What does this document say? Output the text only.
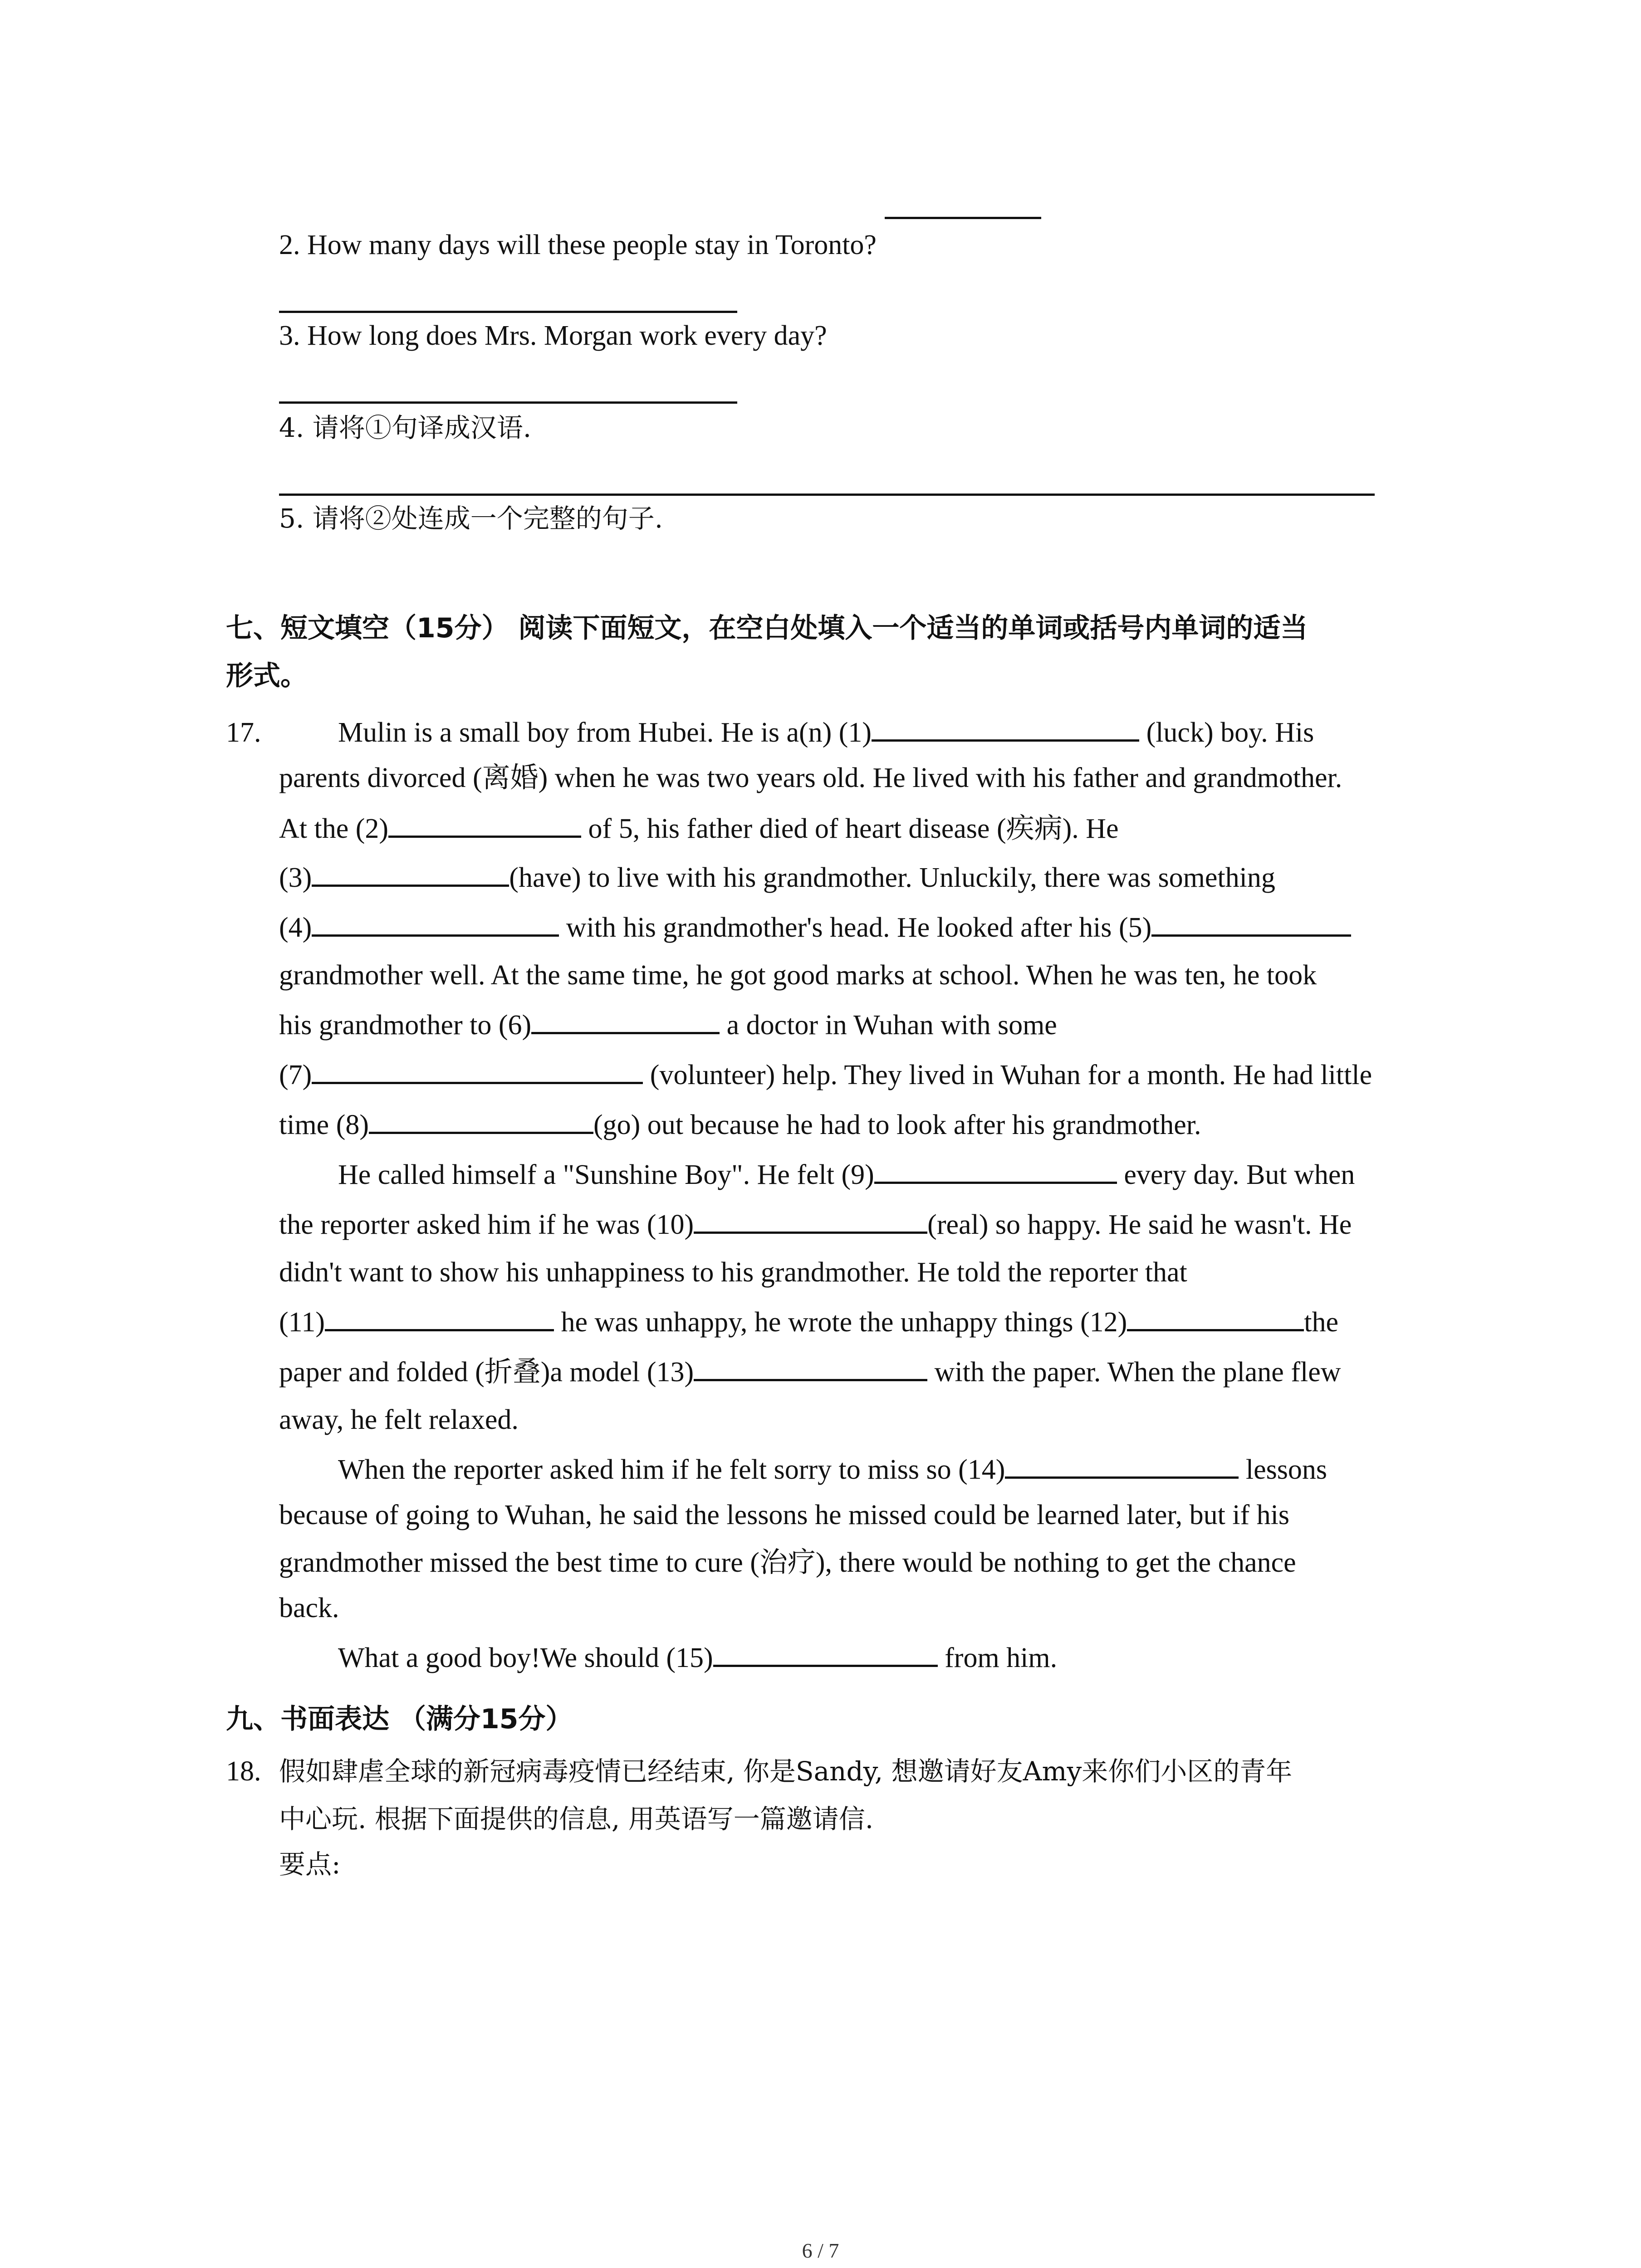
2. How many days will these people stay in Toronto?
3. How long does Mrs. Morgan work every day?
4. 请将①句译成汉语.
5. 请将②处连成一个完整的句子.
七、短文填空（15分） 阅读下面短文，在空白处填入一个适当的单词或括号内单词的适当
形式。
17.	Mulin is a small boy from Hubei. He is a(n) (1)	(luck) boy. His
parents divorced (离婚) when he was two years old. He lived with his father and grandmother.
At the (2)	of 5, his father died of heart disease (疾病). He
(3)	(have) to live with his grandmother. Unluckily, there was something
(4)	with his grandmother's head. He looked after his (5)
grandmother well. At the same time, he got good marks at school. When he was ten, he took
his grandmother to (6)	a doctor in Wuhan with some
(7)	(volunteer) help. They lived in Wuhan for a month. He had little
time (8)	(go) out because he had to look after his grandmother.
He called himself a "Sunshine Boy". He felt (9)	every day. But when
the reporter asked him if he was (10)	(real) so happy. He said he wasn't. He
didn't want to show his unhappiness to his grandmother. He told the reporter that
(11)	he was unhappy, he wrote the unhappy things (12)	the
paper and folded (折叠)a model (13)	with the paper. When the plane flew
away, he felt relaxed.
When the reporter asked him if he felt sorry to miss so (14)	lessons
because of going to Wuhan, he said the lessons he missed could be learned later, but if his
grandmother missed the best time to cure (治疗), there would be nothing to get the chance
back.
What a good boy!We should (15)	from him.
九、书面表达 （满分15分）
18. 假如肆虐全球的新冠病毒疫情已经结束, 你是Sandy, 想邀请好友Amy来你们小区的青年
中心玩. 根据下面提供的信息, 用英语写一篇邀请信.
要点:
6 / 7
